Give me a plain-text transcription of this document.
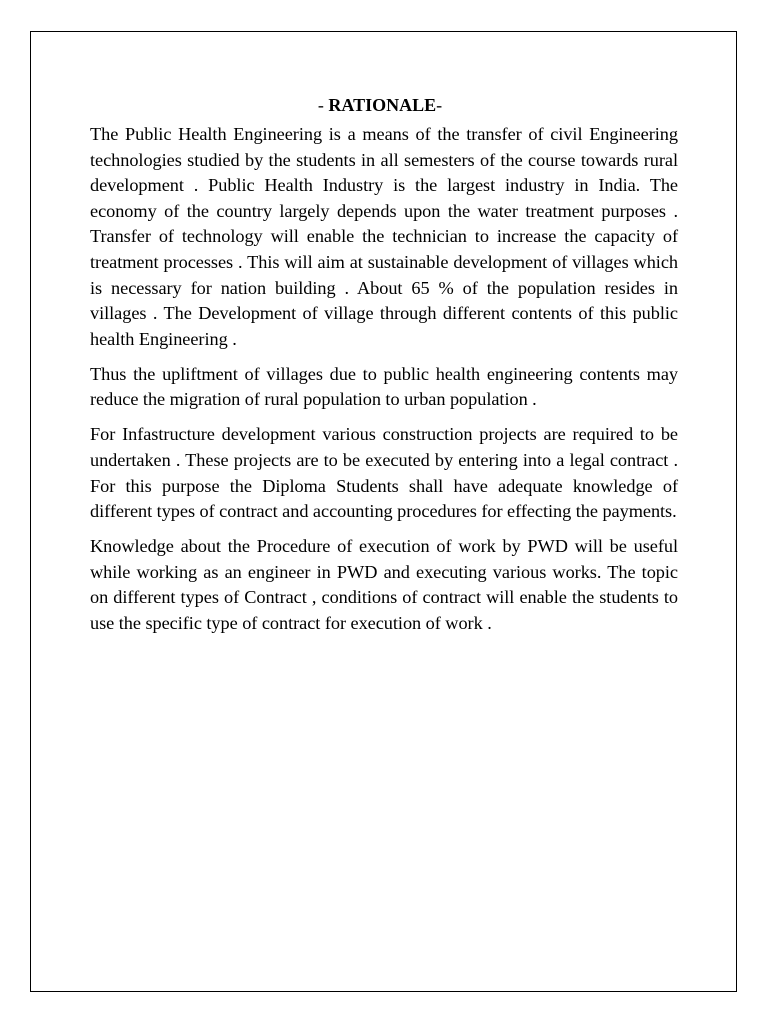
- RATIONALE-

The Public Health Engineering is a means of the transfer of civil Engineering technologies studied by the students in all semesters of the course towards rural development . Public Health Industry is the largest industry in India. The economy of the country largely depends upon the water treatment purposes . Transfer of technology will enable the technician to increase the capacity of treatment processes . This will aim at sustainable development of villages which is necessary for nation building . About 65 % of the population resides in villages . The Development of village through different contents of this public health Engineering .

Thus the upliftment of villages due to public health engineering contents may reduce the migration of rural population to urban population .

For Infastructure development various construction projects are required to be undertaken . These projects are to be executed by entering into a legal contract . For this purpose the Diploma Students shall have adequate knowledge of different types of contract and accounting procedures for effecting the payments.

Knowledge about the Procedure of execution of work by PWD will be useful while working as an engineer in PWD and executing various works. The topic on different types of Contract , conditions of contract will enable the students to use the specific type of contract for execution of work .
